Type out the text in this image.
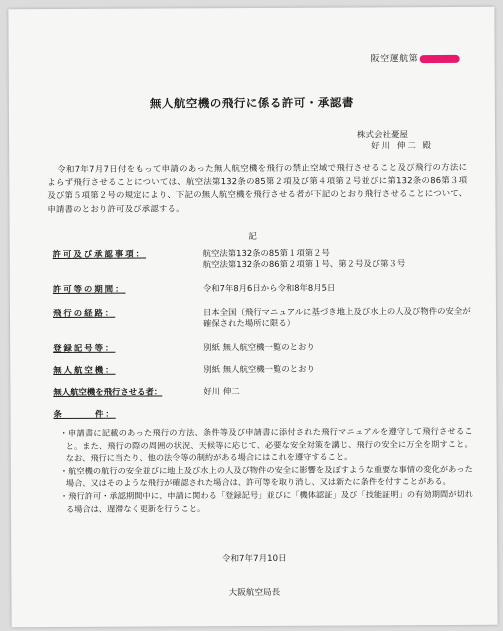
阪空運航第
無人航空機の飛行に係る許可・承認書
株式会社憂屋
好川 伸二 殿
令和7年7月7日付をもって申請のあった無人航空機を飛行の禁止空域で飛行させること及び飛行の方法によらず飛行させることについては、航空法第132条の85第２項及び第４項第２号並びに第132条の86第３項及び第５項第２号の規定により、下記の無人航空機を飛行させる者が下記のとおり飛行させることについて、申請書のとおり許可及び承認する。
記
許可及び承認事項：	航空法第132条の85第１項第２号
航空法第132条の86第２項第１号、第２号及び第３号
許可等の期間：	令和7年8月6日から令和8年8月5日
飛行の経路：	日本全国（飛行マニュアルに基づき地上及び水上の人及び物件の安全が確保された場所に限る）
登録記号等：	別紙 無人航空機一覧のとおり
無人航空機：	別紙 無人航空機一覧のとおり
無人航空機を飛行させる者：	好川 伸二
条　　　件：
・申請書に記載のあった飛行の方法、条件等及び申請書に添付された飛行マニュアルを遵守して飛行させること。また、飛行の際の周囲の状況、天候等に応じて、必要な安全対策を講じ、飛行の安全に万全を期すこと。なお、飛行に当たり、他の法令等の制約がある場合にはこれを遵守すること。
・航空機の航行の安全並びに地上及び水上の人及び物件の安全に影響を及ぼすような重要な事情の変化があった場合、又はそのような飛行が確認された場合は、許可等を取り消し、又は新たに条件を付すことがある。
・飛行許可・承認期間中に、申請に関わる「登録記号」並びに「機体認証」及び「技能証明」の有効期間が切れる場合は、遅滞なく更新を行うこと。
令和7年7月10日
大阪航空局長
